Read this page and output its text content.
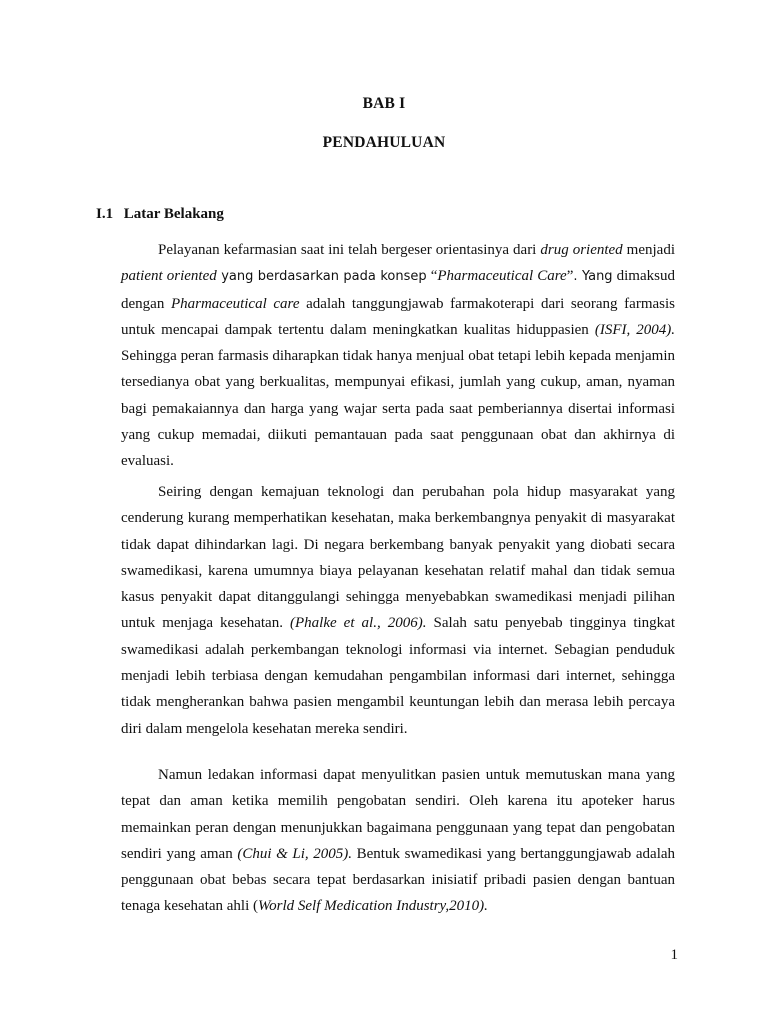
BAB I
PENDAHULUAN
I.1 Latar Belakang

Pelayanan kefarmasian saat ini telah bergeser orientasinya dari drug oriented menjadi patient oriented yang berdasarkan pada konsep “Pharmaceutical Care”. Yang dimaksud dengan Pharmaceutical care adalah tanggungjawab farmakoterapi dari seorang farmasis untuk mencapai dampak tertentu dalam meningkatkan kualitas hiduppasien (ISFI, 2004). Sehingga peran farmasis diharapkan tidak hanya menjual obat tetapi lebih kepada menjamin tersedianya obat yang berkualitas, mempunyai efikasi, jumlah yang cukup, aman, nyaman bagi pemakaiannya dan harga yang wajar serta pada saat pemberiannya disertai informasi yang cukup memadai, diikuti pemantauan pada saat penggunaan obat dan akhirnya di evaluasi.

Seiring dengan kemajuan teknologi dan perubahan pola hidup masyarakat yang cenderung kurang memperhatikan kesehatan, maka berkembangnya penyakit di masyarakat tidak dapat dihindarkan lagi. Di negara berkembang banyak penyakit yang diobati secara swamedikasi, karena umumnya biaya pelayanan kesehatan relatif mahal dan tidak semua kasus penyakit dapat ditanggulangi sehingga menyebabkan swamedikasi menjadi pilihan untuk menjaga kesehatan. (Phalke et al., 2006). Salah satu penyebab tingginya tingkat swamedikasi adalah perkembangan teknologi informasi via internet. Sebagian penduduk menjadi lebih terbiasa dengan kemudahan pengambilan informasi dari internet, sehingga tidak mengherankan bahwa pasien mengambil keuntungan lebih dan merasa lebih percaya diri dalam mengelola kesehatan mereka sendiri.

Namun ledakan informasi dapat menyulitkan pasien untuk memutuskan mana yang tepat dan aman ketika memilih pengobatan sendiri. Oleh karena itu apoteker harus memainkan peran dengan menunjukkan bagaimana penggunaan yang tepat dan pengobatan sendiri yang aman (Chui & Li, 2005). Bentuk swamedikasi yang bertanggungjawab adalah penggunaan obat bebas secara tepat berdasarkan inisiatif pribadi pasien dengan bantuan tenaga kesehatan ahli (World Self Medication Industry,2010).

1
